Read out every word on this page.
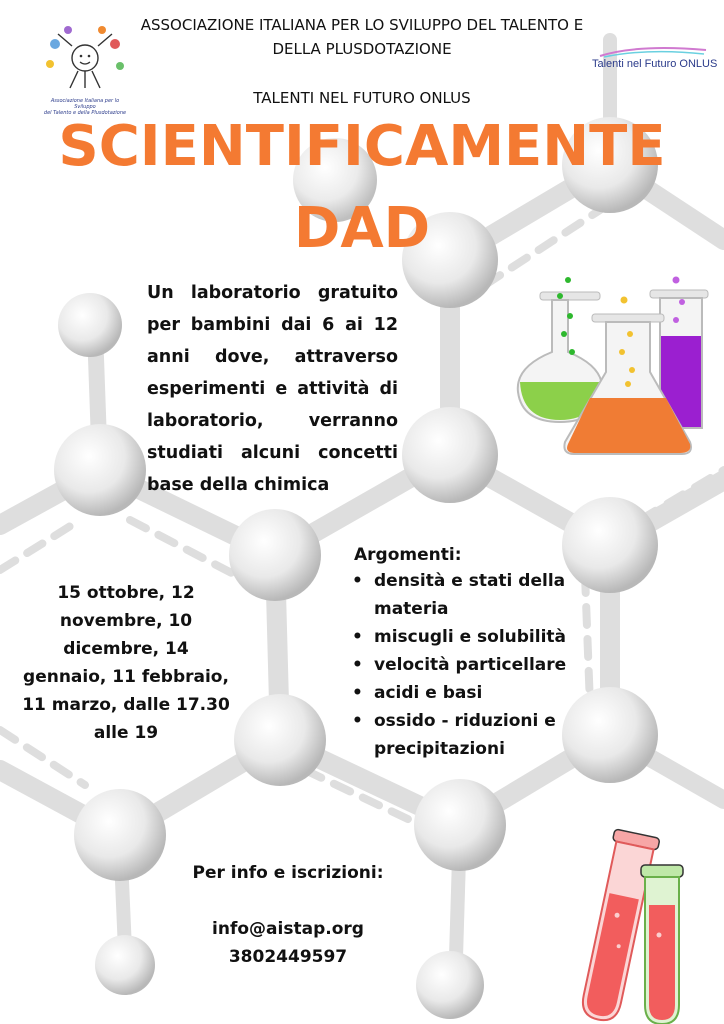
Associazione Italiana per lo Sviluppo
del Talento e della Plusdotazione
Talenti nel Futuro ONLUS
ASSOCIAZIONE ITALIANA PER LO SVILUPPO DEL TALENTO E
DELLA PLUSDOTAZIONE
TALENTI NEL FUTURO ONLUS
SCIENTIFICAMENTE
DAD
Un laboratorio gratuito per bambini dai 6 ai 12 anni dove, attraverso esperimenti e attività di laboratorio, verranno studiati alcuni concetti base della chimica
15 ottobre, 12
novembre, 10
dicembre, 14
gennaio, 11 febbraio,
11 marzo, dalle 17.30
alle 19
Argomenti:
• densità e stati della materia
• miscugli e solubilità
• velocità particellare
• acidi e basi
• ossido - riduzioni e precipitazioni
Per info e iscrizioni:
info@aistap.org
3802449597
